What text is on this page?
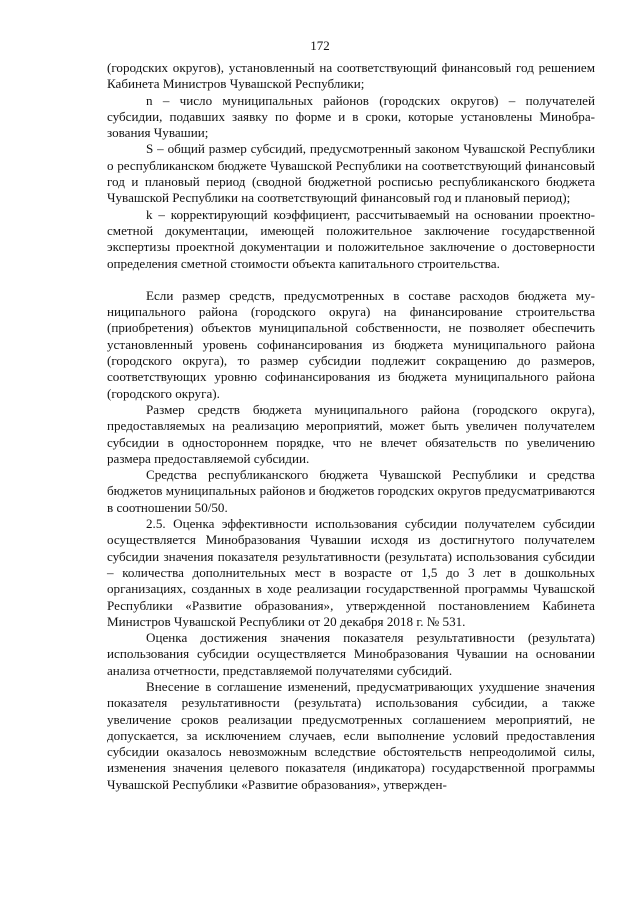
172

(городских округов), установленный на соответствующий финансовый год решением Кабинета Министров Чувашской Республики;

n – число муниципальных районов (городских округов) – получателей субсидии, подавших заявку по форме и в сроки, которые установлены Минобразования Чувашии;

S – общий размер субсидий, предусмотренный законом Чувашской Республики о республиканском бюджете Чувашской Республики на соответствующий финансовый год и плановый период (сводной бюджетной росписью республиканского бюджета Чувашской Республики на соответствующий финансовый год и плановый период);

k – корректирующий коэффициент, рассчитываемый на основании проектно-сметной документации, имеющей положительное заключение государственной экспертизы проектной документации и положительное заключение о достоверности определения сметной стоимости объекта капитального строительства.

Если размер средств, предусмотренных в составе расходов бюджета муниципального района (городского округа) на финансирование строительства (приобретения) объектов муниципальной собственности, не позволяет обеспечить установленный уровень софинансирования из бюджета муниципального района (городского округа), то размер субсидии подлежит сокращению до размеров, соответствующих уровню софинансирования из бюджета муниципального района (городского округа).

Размер средств бюджета муниципального района (городского округа), предоставляемых на реализацию мероприятий, может быть увеличен получателем субсидии в одностороннем порядке, что не влечет обязательств по увеличению размера предоставляемой субсидии.

Средства республиканского бюджета Чувашской Республики и средства бюджетов муниципальных районов и бюджетов городских округов предусматриваются в соотношении 50/50.

2.5. Оценка эффективности использования субсидии получателем субсидии осуществляется Минобразования Чувашии исходя из достигнутого получателем субсидии значения показателя результативности (результата) использования субсидии – количества дополнительных мест в возрасте от 1,5 до 3 лет в дошкольных организациях, созданных в ходе реализации государственной программы Чувашской Республики «Развитие образования», утвержденной постановлением Кабинета Министров Чувашской Республики от 20 декабря 2018 г. № 531.

Оценка достижения значения показателя результативности (результата) использования субсидии осуществляется Минобразования Чувашии на основании анализа отчетности, представляемой получателями субсидий.

Внесение в соглашение изменений, предусматривающих ухудшение значения показателя результативности (результата) использования субсидии, а также увеличение сроков реализации предусмотренных соглашением мероприятий, не допускается, за исключением случаев, если выполнение условий предоставления субсидии оказалось невозможным вследствие обстоятельств непреодолимой силы, изменения значения целевого показателя (индикатора) государственной программы Чувашской Республики «Развитие образования», утвержден-
